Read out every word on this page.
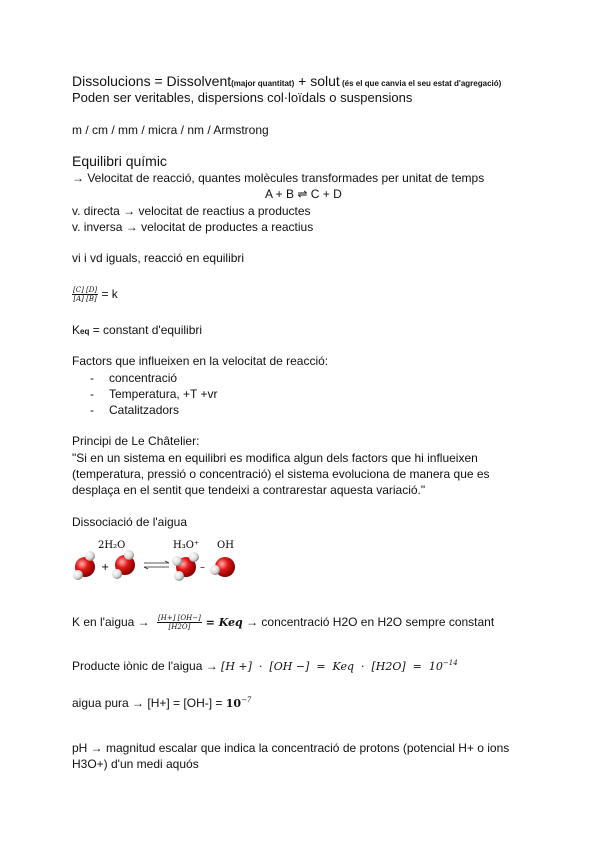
Dissolucions = Dissolvent(major quantitat) + solut (és el que canvia el seu estat d'agregació)
Poden ser veritables, dispersions col·loïdals o suspensions
m / cm / mm / micra / nm / Armstrong
Equilibri químic
→ Velocitat de reacció, quantes molècules transformades per unitat de temps
A + B ⇌ C + D
v. directa → velocitat de reactius a productes
v. inversa → velocitat de productes a reactius
vi i vd iguals, reacció en equilibri
$\frac{[C] [D]}{[A] [B]} = k$
Keq = constant d'equilibri
Factors que influeixen en la velocitat de reacció:
- concentració
- Temperatura, +T +vr
- Catalitzadors
Principi de Le Châtelier:
"Si en un sistema en equilibri es modifica algun dels factors que hi influeixen
(temperatura, pressió o concentració) el sistema evoluciona de manera que es
desplaça en el sentit que tendeixi a contrarestar aquesta variació."
Dissociació de l'aigua
2H₂O	H₃O⁺ OH
+	–
K en l'aigua → $\frac{[H+] [OH-]}{[H2O]}$ = Keq → concentració H2O en H2O sempre constant
Producte iònic de l'aigua → [H +]  ·  [OH −]  =  Keq  ·  $[H2O] = 10^{-14}$
aigua pura → $[H+] = [OH-] = 10^{-7}$
pH → magnitud escalar que indica la concentració de protons (potencial H+ o ions
H3O+) d'un medi aquós
